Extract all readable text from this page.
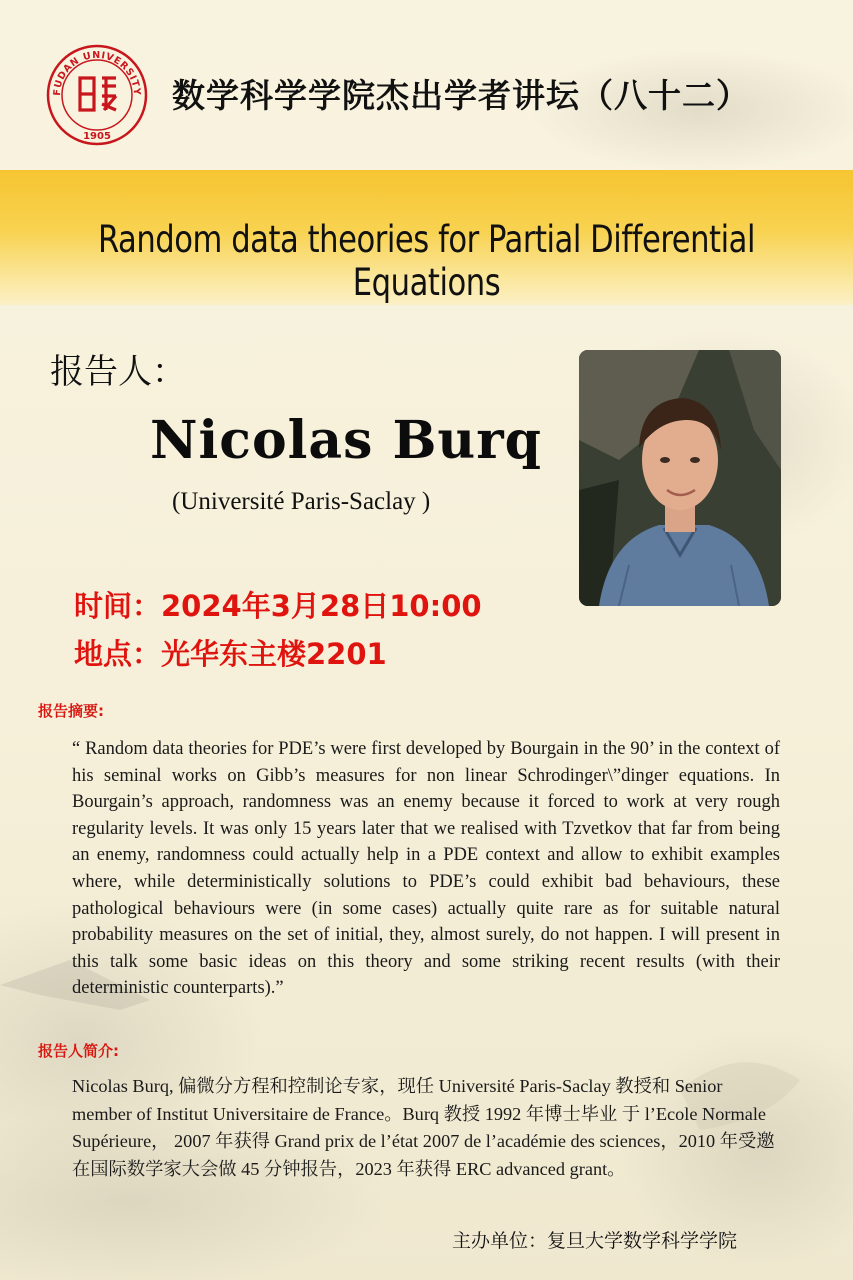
FUDAN UNIVERSITY
1905
数学科学学院杰出学者讲坛（八十二）
Random data theories for Partial Differential Equations
报告人：
Nicolas Burq
(Université Paris-Saclay )
时间：2024年3月28日10:00
地点：光华东主楼2201
报告摘要:
“ Random data theories for PDE’s were first developed by Bourgain in the 90’ in the context of his seminal works on Gibb’s measures for non linear Schrodinger\”dinger equations. In Bourgain’s approach, randomness was an enemy because it forced to work at very rough regularity levels. It was only 15 years later that we realised with Tzvetkov that far from being an enemy, randomness could actually help in a PDE context and allow to exhibit examples where, while deterministically solutions to PDE’s could exhibit bad behaviours, these pathological behaviours were (in some cases) actually quite rare as for suitable natural probability measures on the set of initial, they, almost surely, do not happen. I will present in this talk some basic ideas on this theory and some striking recent results (with their deterministic counterparts).”
报告人简介:
Nicolas Burq, 偏微分方程和控制论专家，现任 Université Paris-Saclay 教授和 Senior member of Institut Universitaire de France。Burq 教授 1992 年博士毕业 于 l’Ecole Normale Supérieure， 2007 年获得 Grand prix de l’état 2007 de l’académie des sciences，2010 年受邀在国际数学家大会做 45 分钟报告，2023 年获得 ERC advanced grant。
主办单位：复旦大学数学科学学院
